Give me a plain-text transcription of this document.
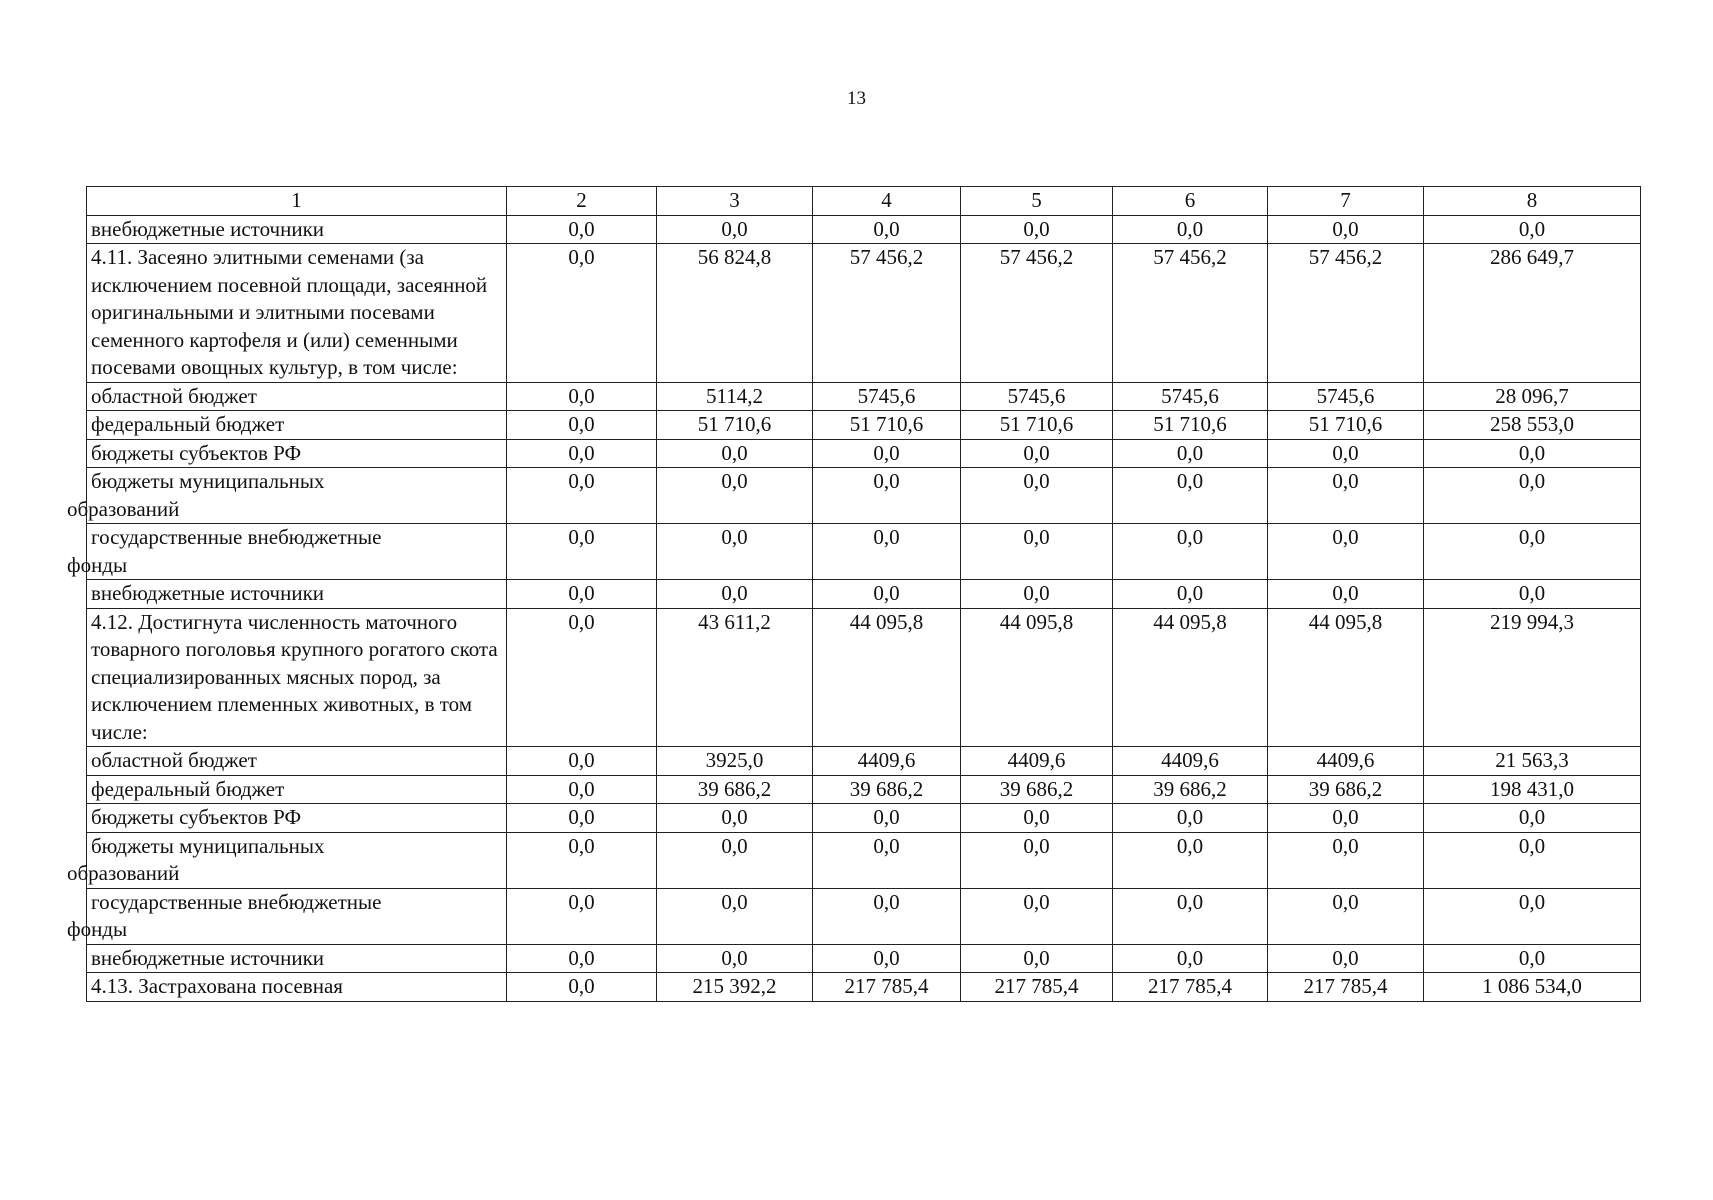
13
1	2	3	4	5	6	7	8
внебюджетные источники	0,0	0,0	0,0	0,0	0,0	0,0	0,0
4.11. Засеяно элитными семенами (за исключением посевной площади, засеянной оригинальными и элитными посевами семенного картофеля и (или) семенными посевами овощных культур, в том числе:	0,0	56 824,8	57 456,2	57 456,2	57 456,2	57 456,2	286 649,7
областной бюджет	0,0	5114,2	5745,6	5745,6	5745,6	5745,6	28 096,7
федеральный бюджет	0,0	51 710,6	51 710,6	51 710,6	51 710,6	51 710,6	258 553,0
бюджеты субъектов РФ	0,0	0,0	0,0	0,0	0,0	0,0	0,0
бюджеты муниципальных
образований	0,0	0,0	0,0	0,0	0,0	0,0	0,0
государственные внебюджетные
фонды	0,0	0,0	0,0	0,0	0,0	0,0	0,0
внебюджетные источники	0,0	0,0	0,0	0,0	0,0	0,0	0,0
4.12. Достигнута численность маточного товарного поголовья крупного рогатого скота специализированных мясных пород, за исключением племенных животных, в том числе:	0,0	43 611,2	44 095,8	44 095,8	44 095,8	44 095,8	219 994,3
областной бюджет	0,0	3925,0	4409,6	4409,6	4409,6	4409,6	21 563,3
федеральный бюджет	0,0	39 686,2	39 686,2	39 686,2	39 686,2	39 686,2	198 431,0
бюджеты субъектов РФ	0,0	0,0	0,0	0,0	0,0	0,0	0,0
бюджеты муниципальных
образований	0,0	0,0	0,0	0,0	0,0	0,0	0,0
государственные внебюджетные
фонды	0,0	0,0	0,0	0,0	0,0	0,0	0,0
внебюджетные источники	0,0	0,0	0,0	0,0	0,0	0,0	0,0
4.13. Застрахована посевная	0,0	215 392,2	217 785,4	217 785,4	217 785,4	217 785,4	1 086 534,0
